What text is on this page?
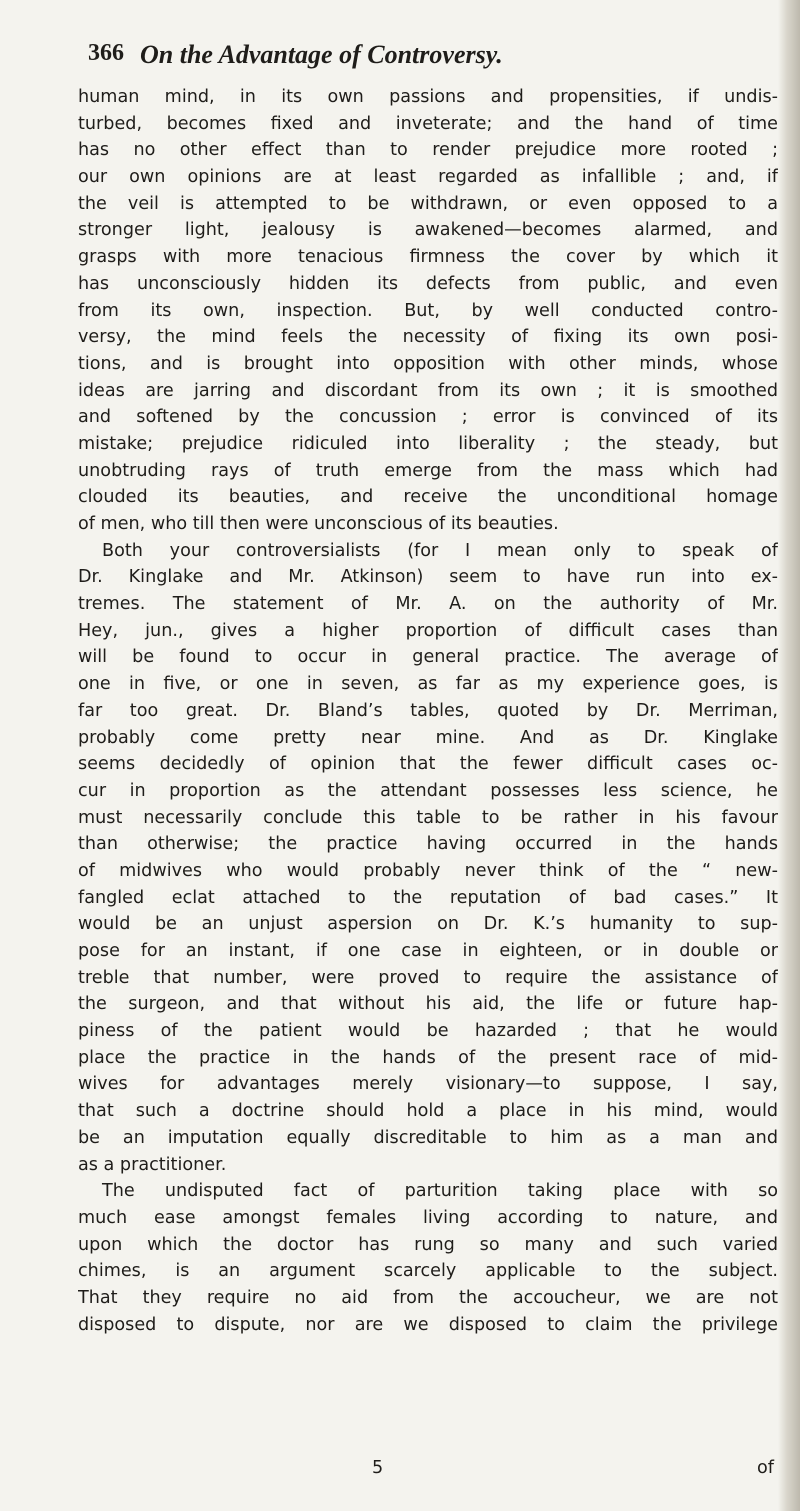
366 On the Advantage of Controversy.
human mind, in its own passions and propensities, if undis-
turbed, becomes fixed and inveterate; and the hand of time
has no other effect than to render prejudice more rooted ;
our own opinions are at least regarded as infallible ; and, if
the veil is attempted to be withdrawn, or even opposed to a
stronger light, jealousy is awakened—becomes alarmed, and
grasps with more tenacious firmness the cover by which it
has unconsciously hidden its defects from public, and even
from its own, inspection. But, by well conducted contro-
versy, the mind feels the necessity of fixing its own posi-
tions, and is brought into opposition with other minds, whose
ideas are jarring and discordant from its own ; it is smoothed
and softened by the concussion ; error is convinced of its
mistake; prejudice ridiculed into liberality ; the steady, but
unobtruding rays of truth emerge from the mass which had
clouded its beauties, and receive the unconditional homage
of men, who till then were unconscious of its beauties.
Both your controversialists (for I mean only to speak of
Dr. Kinglake and Mr. Atkinson) seem to have run into ex-
tremes. The statement of Mr. A. on the authority of Mr.
Hey, jun., gives a higher proportion of difficult cases than
will be found to occur in general practice. The average of
one in five, or one in seven, as far as my experience goes, is
far too great. Dr. Bland’s tables, quoted by Dr. Merriman,
probably come pretty near mine. And as Dr. Kinglake
seems decidedly of opinion that the fewer difficult cases oc-
cur in proportion as the attendant possesses less science, he
must necessarily conclude this table to be rather in his favour
than otherwise; the practice having occurred in the hands
of midwives who would probably never think of the “ new-
fangled eclat attached to the reputation of bad cases.” It
would be an unjust aspersion on Dr. K.’s humanity to sup-
pose for an instant, if one case in eighteen, or in double or
treble that number, were proved to require the assistance of
the surgeon, and that without his aid, the life or future hap-
piness of the patient would be hazarded ; that he would
place the practice in the hands of the present race of mid-
wives for advantages merely visionary—to suppose, I say,
that such a doctrine should hold a place in his mind, would
be an imputation equally discreditable to him as a man and
as a practitioner.
The undisputed fact of parturition taking place with so
much ease amongst females living according to nature, and
upon which the doctor has rung so many and such varied
chimes, is an argument scarcely applicable to the subject.
That they require no aid from the accoucheur, we are not
disposed to dispute, nor are we disposed to claim the privilege
5	of
